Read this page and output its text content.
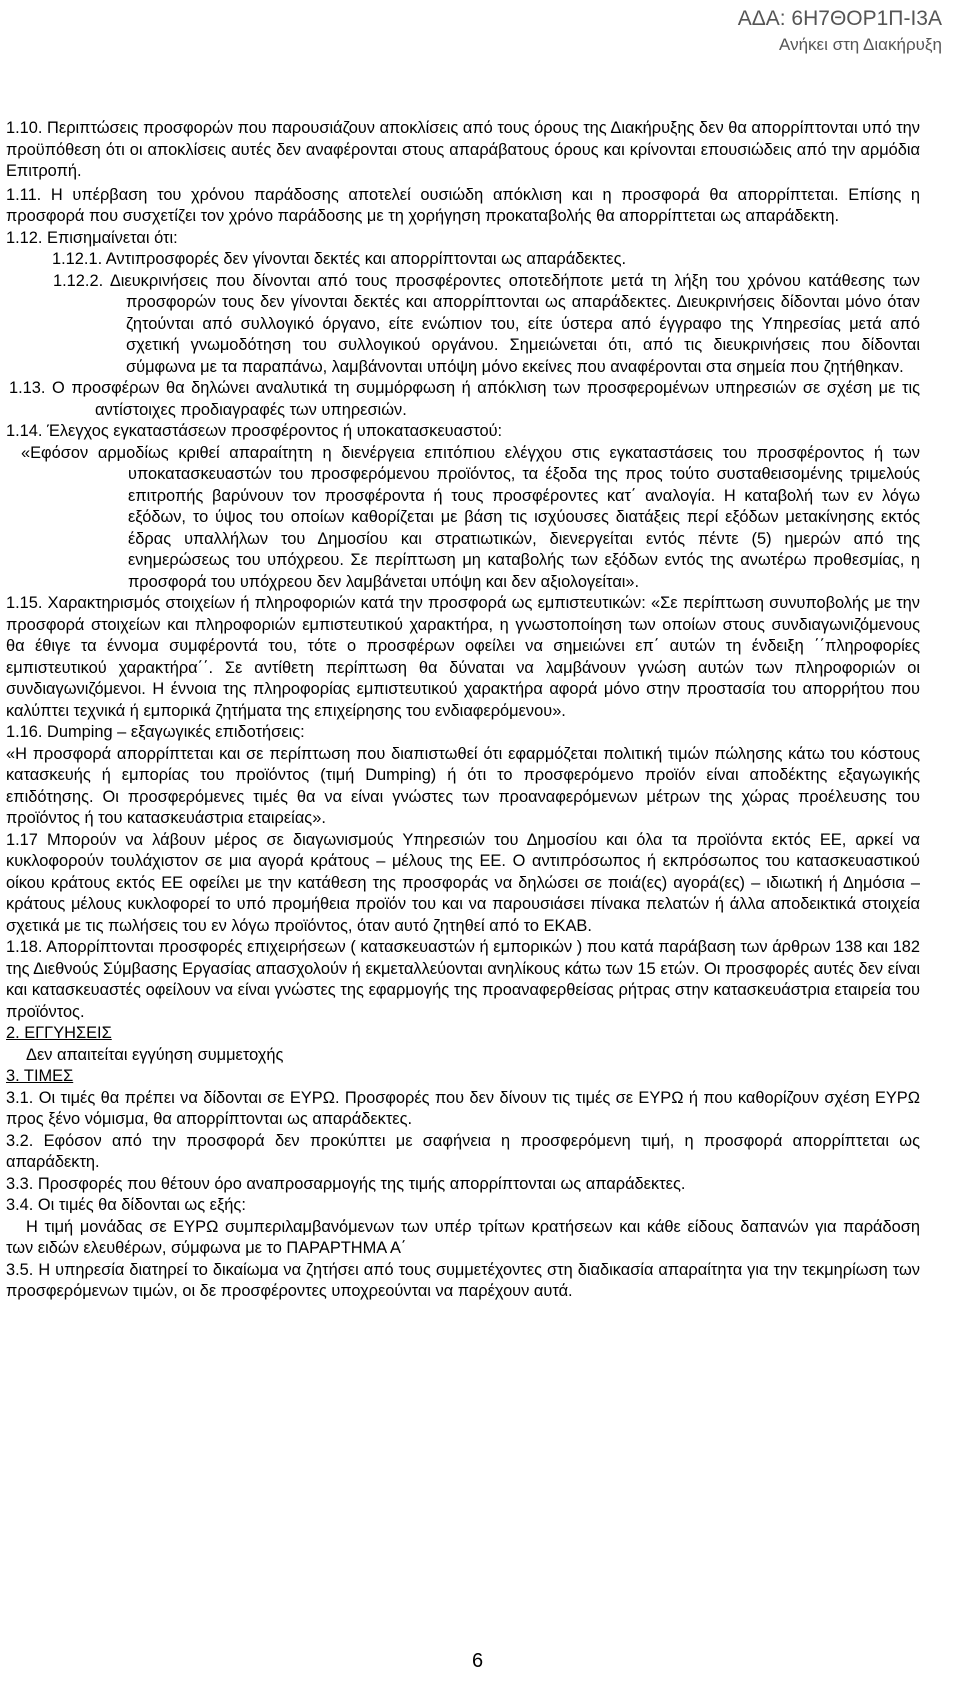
ΑΔΑ: 6Η7ΘΟΡ1Π-Ι3Α
Ανήκει στη Διακήρυξη

1.10. Περιπτώσεις προσφορών που παρουσιάζουν αποκλίσεις από τους όρους της Διακήρυξης δεν θα απορρίπτονται υπό την προϋπόθεση ότι οι αποκλίσεις αυτές δεν αναφέρονται στους απαράβατους όρους και κρίνονται επουσιώδεις από την αρμόδια Επιτροπή.

1.11. Η υπέρβαση του χρόνου παράδοσης αποτελεί ουσιώδη απόκλιση και η προσφορά θα απορρίπτεται. Επίσης η προσφορά που συσχετίζει τον χρόνο παράδοσης με τη χορήγηση προκαταβολής θα απορρίπτεται ως απαράδεκτη.

1.12. Επισημαίνεται ότι:

1.12.1. Αντιπροσφορές δεν γίνονται δεκτές και απορρίπτονται ως απαράδεκτες.

1.12.2. Διευκρινήσεις που δίνονται από τους προσφέροντες οποτεδήποτε μετά τη λήξη του χρόνου κατάθεσης των προσφορών τους δεν γίνονται δεκτές και απορρίπτονται ως απαράδεκτες. Διευκρινήσεις δίδονται μόνο όταν ζητούνται από συλλογικό όργανο, είτε ενώπιον του, είτε ύστερα από έγγραφο της Υπηρεσίας μετά από σχετική γνωμοδότηση του συλλογικού οργάνου. Σημειώνεται ότι, από τις διευκρινήσεις που δίδονται σύμφωνα με τα παραπάνω, λαμβάνονται υπόψη μόνο εκείνες που αναφέρονται στα σημεία που ζητήθηκαν.

1.13. Ο προσφέρων θα δηλώνει αναλυτικά τη συμμόρφωση ή απόκλιση των προσφερομένων υπηρεσιών σε σχέση με τις αντίστοιχες προδιαγραφές των υπηρεσιών.

1.14. Έλεγχος εγκαταστάσεων προσφέροντος ή υποκατασκευαστού:

«Εφόσον αρμοδίως κριθεί απαραίτητη η διενέργεια επιτόπιου ελέγχου στις εγκαταστάσεις του προσφέροντος ή των υποκατασκευαστών του προσφερόμενου προϊόντος, τα έξοδα της προς τούτο συσταθεισομένης τριμελούς επιτροπής βαρύνουν τον προσφέροντα ή τους προσφέροντες κατ΄ αναλογία. Η καταβολή των εν λόγω εξόδων, το ύψος του οποίων καθορίζεται με βάση τις ισχύουσες διατάξεις περί εξόδων μετακίνησης εκτός έδρας υπαλλήλων του Δημοσίου και στρατιωτικών, διενεργείται εντός πέντε (5) ημερών από της ενημερώσεως του υπόχρεου. Σε περίπτωση μη καταβολής των εξόδων εντός της ανωτέρω προθεσμίας, η προσφορά του υπόχρεου δεν λαμβάνεται υπόψη και δεν αξιολογείται».

1.15. Χαρακτηρισμός στοιχείων ή πληροφοριών κατά την προσφορά ως εμπιστευτικών: «Σε περίπτωση συνυποβολής με την προσφορά στοιχείων και πληροφοριών εμπιστευτικού χαρακτήρα, η γνωστοποίηση των οποίων στους συνδιαγωνιζόμενους θα έθιγε τα έννομα συμφέροντά του, τότε ο προσφέρων οφείλει να σημειώνει επ΄ αυτών τη ένδειξη ΄΄πληροφορίες εμπιστευτικού χαρακτήρα΄΄. Σε αντίθετη περίπτωση θα δύναται να λαμβάνουν γνώση αυτών των πληροφοριών οι συνδιαγωνιζόμενοι. Η έννοια της πληροφορίας εμπιστευτικού χαρακτήρα αφορά μόνο στην προστασία του απορρήτου που καλύπτει τεχνικά ή εμπορικά ζητήματα της επιχείρησης του ενδιαφερόμενου».

1.16. Dumping – εξαγωγικές επιδοτήσεις:

«Η προσφορά απορρίπτεται και σε περίπτωση που διαπιστωθεί ότι εφαρμόζεται πολιτική τιμών πώλησης κάτω του κόστους κατασκευής ή εμπορίας του προϊόντος (τιμή Dumping) ή ότι το προσφερόμενο προϊόν είναι αποδέκτης εξαγωγικής επιδότησης. Οι προσφερόμενες τιμές θα να είναι γνώστες των προαναφερόμενων μέτρων της χώρας προέλευσης του προϊόντος ή του κατασκευάστρια εταιρείας».

1.17 Μπορούν να λάβουν μέρος σε διαγωνισμούς Υπηρεσιών του Δημοσίου και όλα τα προϊόντα εκτός ΕΕ, αρκεί να κυκλοφορούν τουλάχιστον σε μια αγορά κράτους – μέλους της ΕΕ. Ο αντιπρόσωπος ή εκπρόσωπος του κατασκευαστικού οίκου κράτους εκτός ΕΕ οφείλει με την κατάθεση της προσφοράς να δηλώσει σε ποιά(ες) αγορά(ες) – ιδιωτική ή Δημόσια – κράτους μέλους κυκλοφορεί το υπό προμήθεια προϊόν του και να παρουσιάσει πίνακα πελατών ή άλλα αποδεικτικά στοιχεία σχετικά με τις πωλήσεις του εν λόγω προϊόντος, όταν αυτό ζητηθεί από το ΕΚΑΒ.

1.18. Απορρίπτονται προσφορές επιχειρήσεων ( κατασκευαστών ή εμπορικών ) που κατά παράβαση των άρθρων 138 και 182 της Διεθνούς Σύμβασης Εργασίας απασχολούν ή εκμεταλλεύονται ανηλίκους κάτω των 15 ετών. Οι προσφορές αυτές δεν είναι και κατασκευαστές οφείλουν να είναι γνώστες της εφαρμογής της προαναφερθείσας ρήτρας στην κατασκευάστρια εταιρεία του προϊόντος.

2. ΕΓΓΥΗΣΕΙΣ

Δεν απαιτείται εγγύηση συμμετοχής

3. ΤΙΜΕΣ

3.1. Οι τιμές θα πρέπει να δίδονται σε ΕΥΡΩ. Προσφορές που δεν δίνουν τις τιμές σε ΕΥΡΩ ή που καθορίζουν σχέση ΕΥΡΩ προς ξένο νόμισμα, θα απορρίπτονται ως απαράδεκτες.

3.2. Εφόσον από την προσφορά δεν προκύπτει με σαφήνεια η προσφερόμενη τιμή, η προσφορά απορρίπτεται ως απαράδεκτη.

3.3. Προσφορές που θέτουν όρο αναπροσαρμογής της τιμής απορρίπτονται ως απαράδεκτες.

3.4. Οι τιμές θα δίδονται ως εξής:

Η τιμή μονάδας σε ΕΥΡΩ συμπεριλαμβανόμενων των υπέρ τρίτων κρατήσεων και κάθε είδους δαπανών για παράδοση των ειδών ελευθέρων, σύμφωνα με το ΠΑΡΑΡΤΗΜΑ Α΄

3.5. Η υπηρεσία διατηρεί το δικαίωμα να ζητήσει από τους συμμετέχοντες στη διαδικασία απαραίτητα για την τεκμηρίωση των προσφερόμενων τιμών, οι δε προσφέροντες υποχρεούνται να παρέχουν αυτά.

6
